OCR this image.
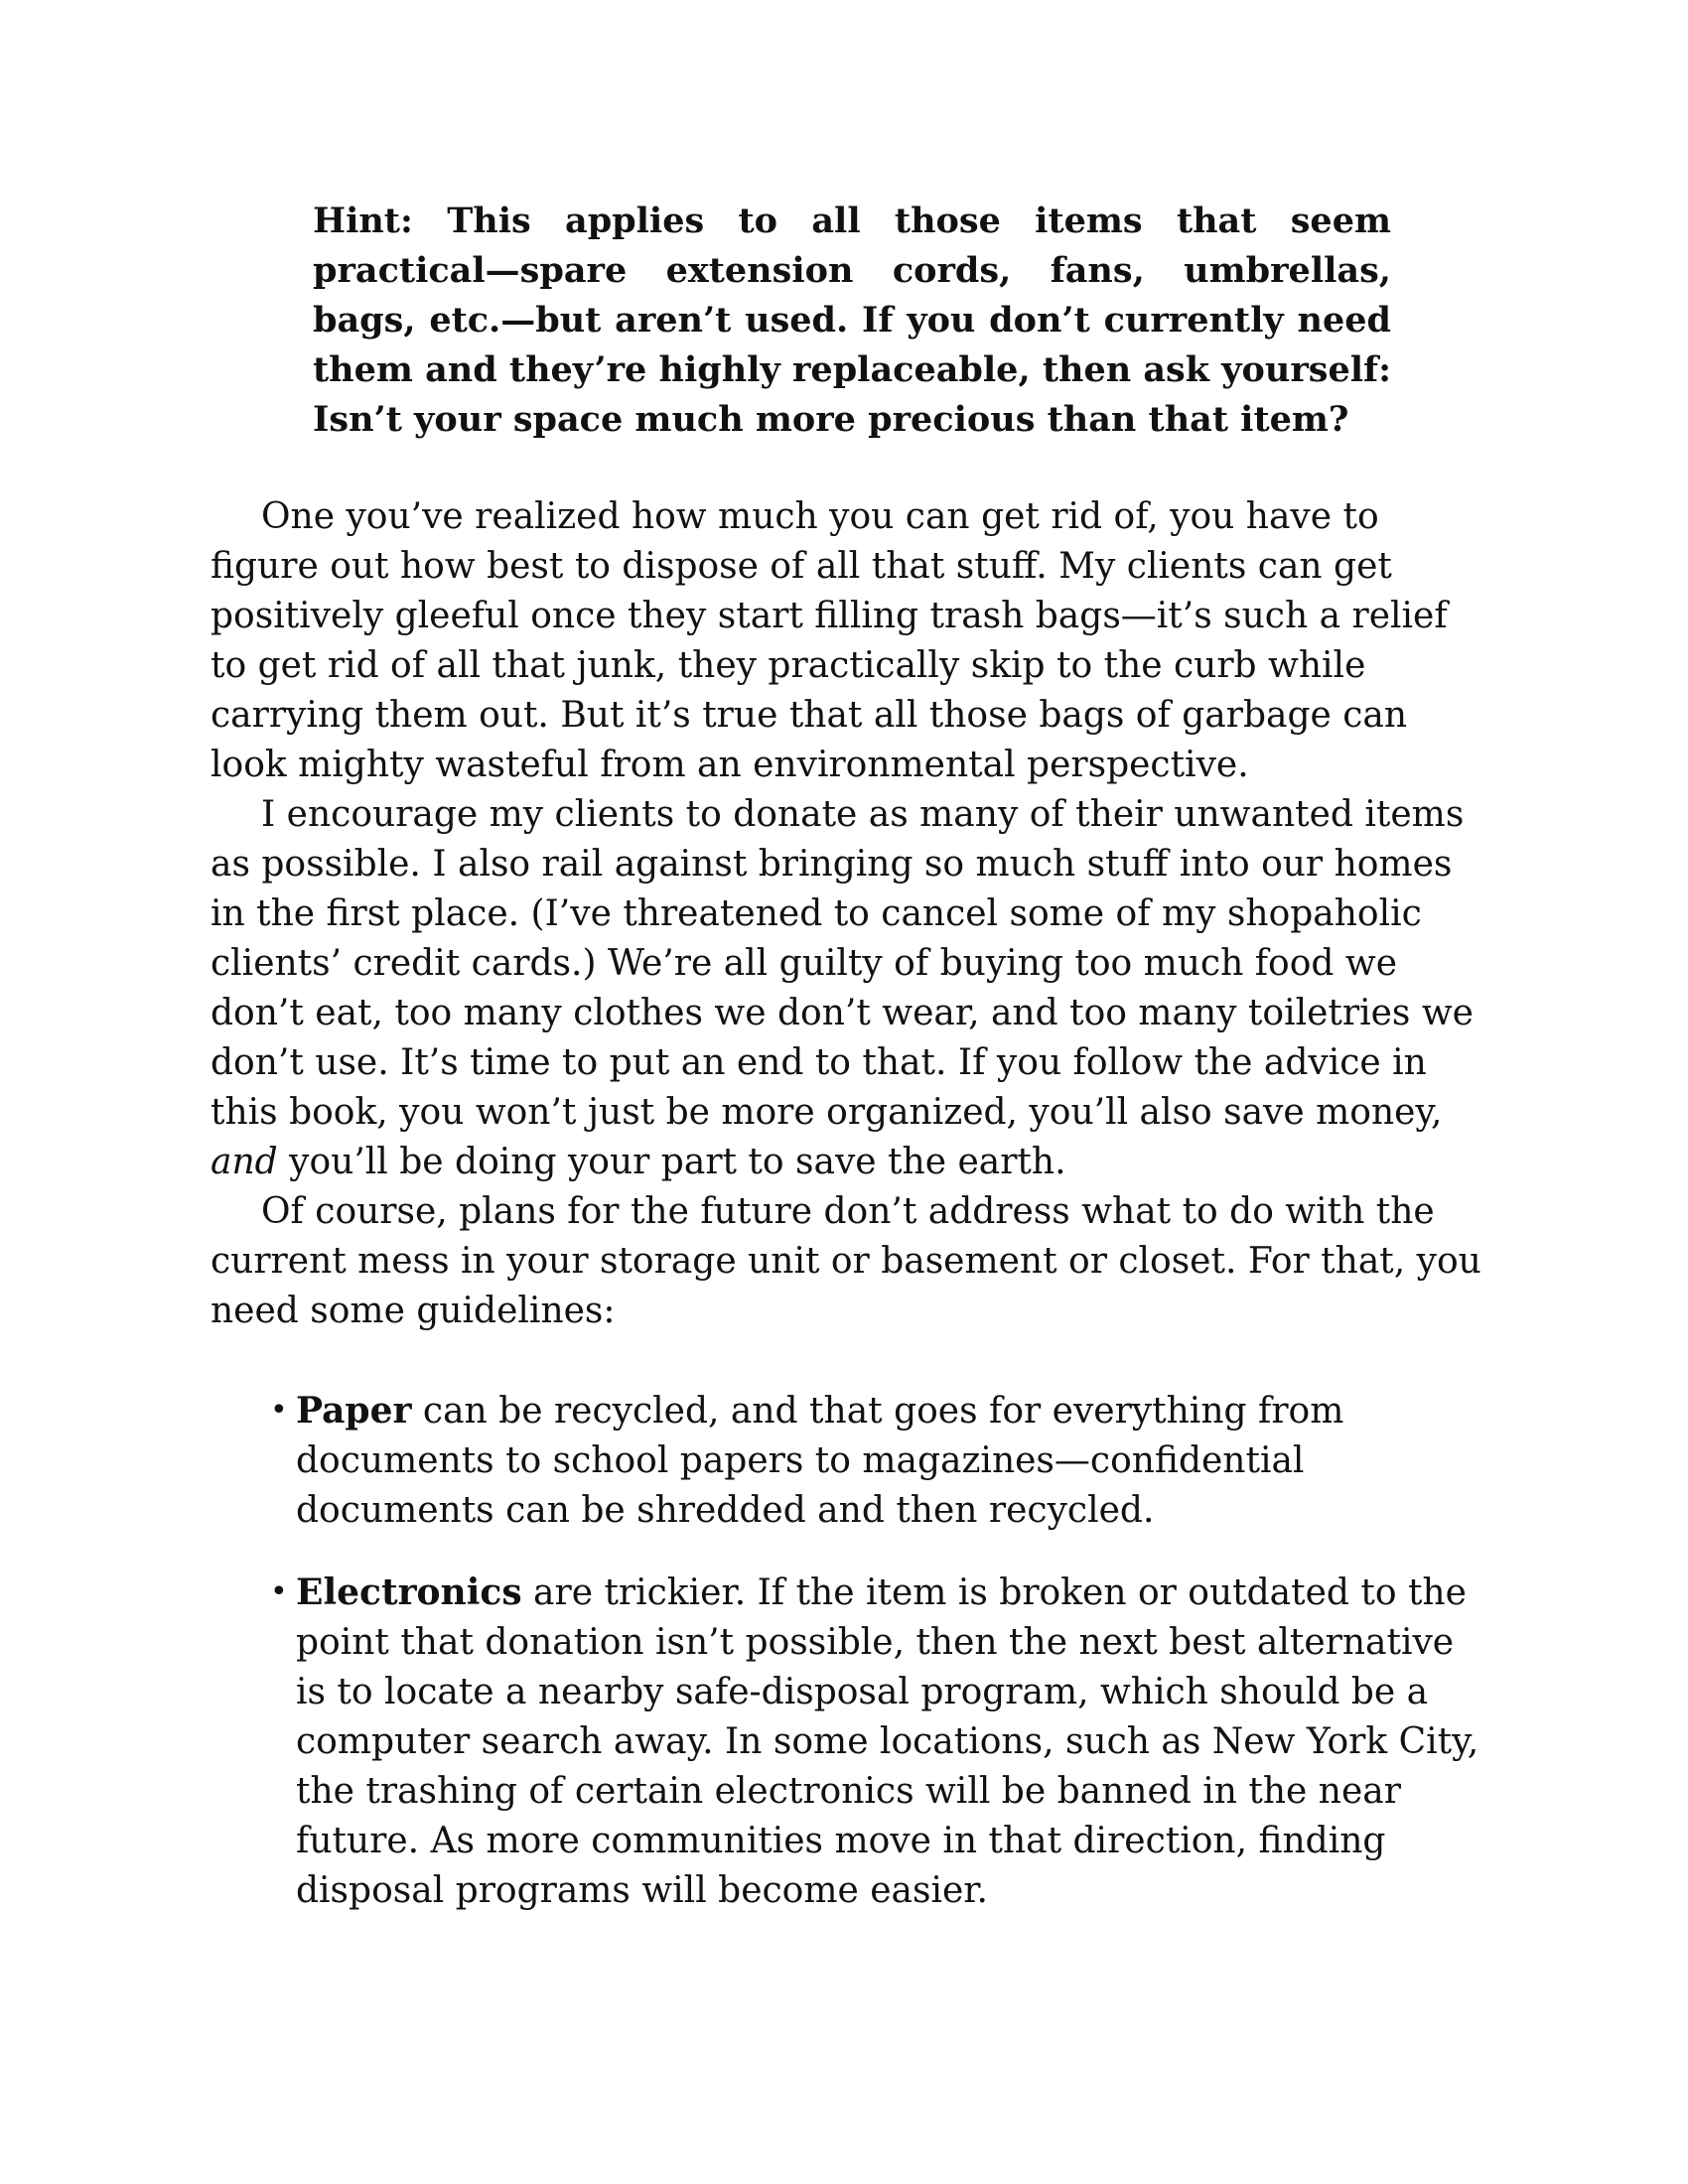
Hint: This applies to all those items that seem practical—spare extension cords, fans, umbrellas, bags, etc.—but aren’t used. If you don’t currently need them and they’re highly replaceable, then ask yourself: Isn’t your space much more precious than that item?

One you’ve realized how much you can get rid of, you have to figure out how best to dispose of all that stuff. My clients can get positively gleeful once they start filling trash bags—it’s such a relief to get rid of all that junk, they practically skip to the curb while carrying them out. But it’s true that all those bags of garbage can look mighty wasteful from an environmental perspective.

I encourage my clients to donate as many of their unwanted items as possible. I also rail against bringing so much stuff into our homes in the first place. (I’ve threatened to cancel some of my shopaholic clients’ credit cards.) We’re all guilty of buying too much food we don’t eat, too many clothes we don’t wear, and too many toiletries we don’t use. It’s time to put an end to that. If you follow the advice in this book, you won’t just be more organized, you’ll also save money, and you’ll be doing your part to save the earth.

Of course, plans for the future don’t address what to do with the current mess in your storage unit or basement or closet. For that, you need some guidelines:

• Paper can be recycled, and that goes for everything from documents to school papers to magazines—confidential documents can be shredded and then recycled.
• Electronics are trickier. If the item is broken or outdated to the point that donation isn’t possible, then the next best alternative is to locate a nearby safe-disposal program, which should be a computer search away. In some locations, such as New York City, the trashing of certain electronics will be banned in the near future. As more communities move in that direction, finding disposal programs will become easier.
